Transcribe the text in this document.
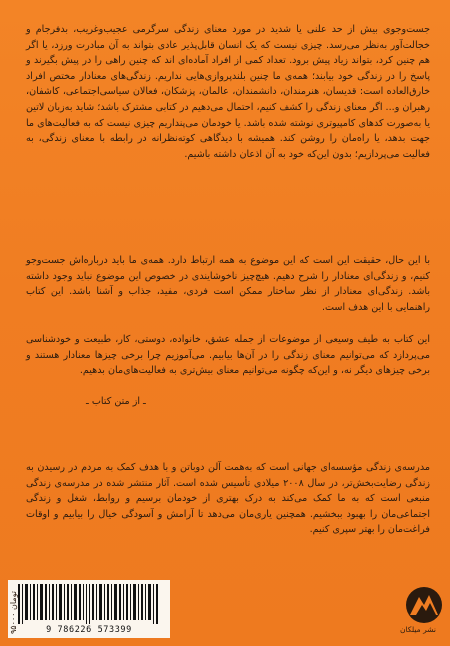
جست‌وجوی بیش از حد علنی یا شدید در مورد معنای زندگی سرگرمی عجیب‌وغریب، بدفرجام و خجالت‌آور به‌نظر می‌رسد. چیزی نیست که یک انسان قابل‌پذیر عادی بتواند به آن مبادرت ورزد، یا اگر هم چنین کرد، بتواند زیاد پیش برود. تعداد کمی از افراد آماده‌ای اند که چنین راهی را در پیش بگیرند و پاسخ را در زندگی خود بیابند؛ همه‌ی ما چنین بلندپروازی‌هایی نداریم. زندگی‌های معنادار مختص افراد خارق‌العاده است: قدیسان، هنرمندان، دانشمندان، عالمان، پزشکان، فعالان سیاسی‌اجتماعی، کاشفان، رهبران و... اگر معنای زندگی را کشف کنیم، احتمال می‌دهیم در کتابی مشترک باشد؛ شاید به‌زبان لاتین یا به‌صورت کدهای کامپیوتری نوشته شده باشد. یا خودمان می‌پنداریم چیزی نیست که به فعالیت‌های ما جهت بدهد، یا راه‌مان را روشن کند. همیشه با دیدگاهی کوته‌نظرانه در رابطه با معنای زندگی، به فعالیت می‌پردازیم؛ بدون این‌که خود به آن اذعان داشته باشیم.

با این حال، حقیقت این است که این موضوع به همه ارتباط دارد. همه‌ی ما باید درباره‌اش جست‌وجو کنیم، و زندگی‌ای معنادار را شرح دهیم. هیچ‌چیز ناخوشایندی در خصوص این موضوع نباید وجود داشته باشد. زندگی‌ای معنادار از نظر ساختار ممکن است فردی، مفید، جذاب و آشنا باشد. این کتاب راهنمایی با این هدف است.

این کتاب به طیف وسیعی از موضوعات از جمله عشق، خانواده، دوستی، کار، طبیعت و خودشناسی می‌پردازد که می‌توانیم معنای زندگی را در آن‌ها بیابیم. می‌آموزیم چرا برخی چیزها معنادار هستند و برخی چیزهای دیگر نه، و این‌که چگونه می‌توانیم معنای بیش‌تری به فعالیت‌های‌مان بدهیم.

ـ از متن کتاب ـ

مدرسه‌ی زندگی مؤسسه‌ای جهانی است که به‌همت آلن دوباتن و با هدف کمک به مردم در رسیدن به زندگی رضایت‌بخش‌تر، در سال ۲۰۰۸ میلادی تأسیس شده است. آثار منتشر شده در مدرسه‌ی زندگی منبعی است که به ما کمک می‌کند به درک بهتری از خودمان برسیم و روابط، شغل و زندگی اجتماعی‌مان را بهبود ببخشیم. همچنین یاری‌مان می‌دهد تا آرامش و آسودگی خیال را بیابیم و اوقات فراغت‌مان را بهتر سپری کنیم.

9 786226 573399
۹۵۰۰۰ تومان
نشر میلکان
